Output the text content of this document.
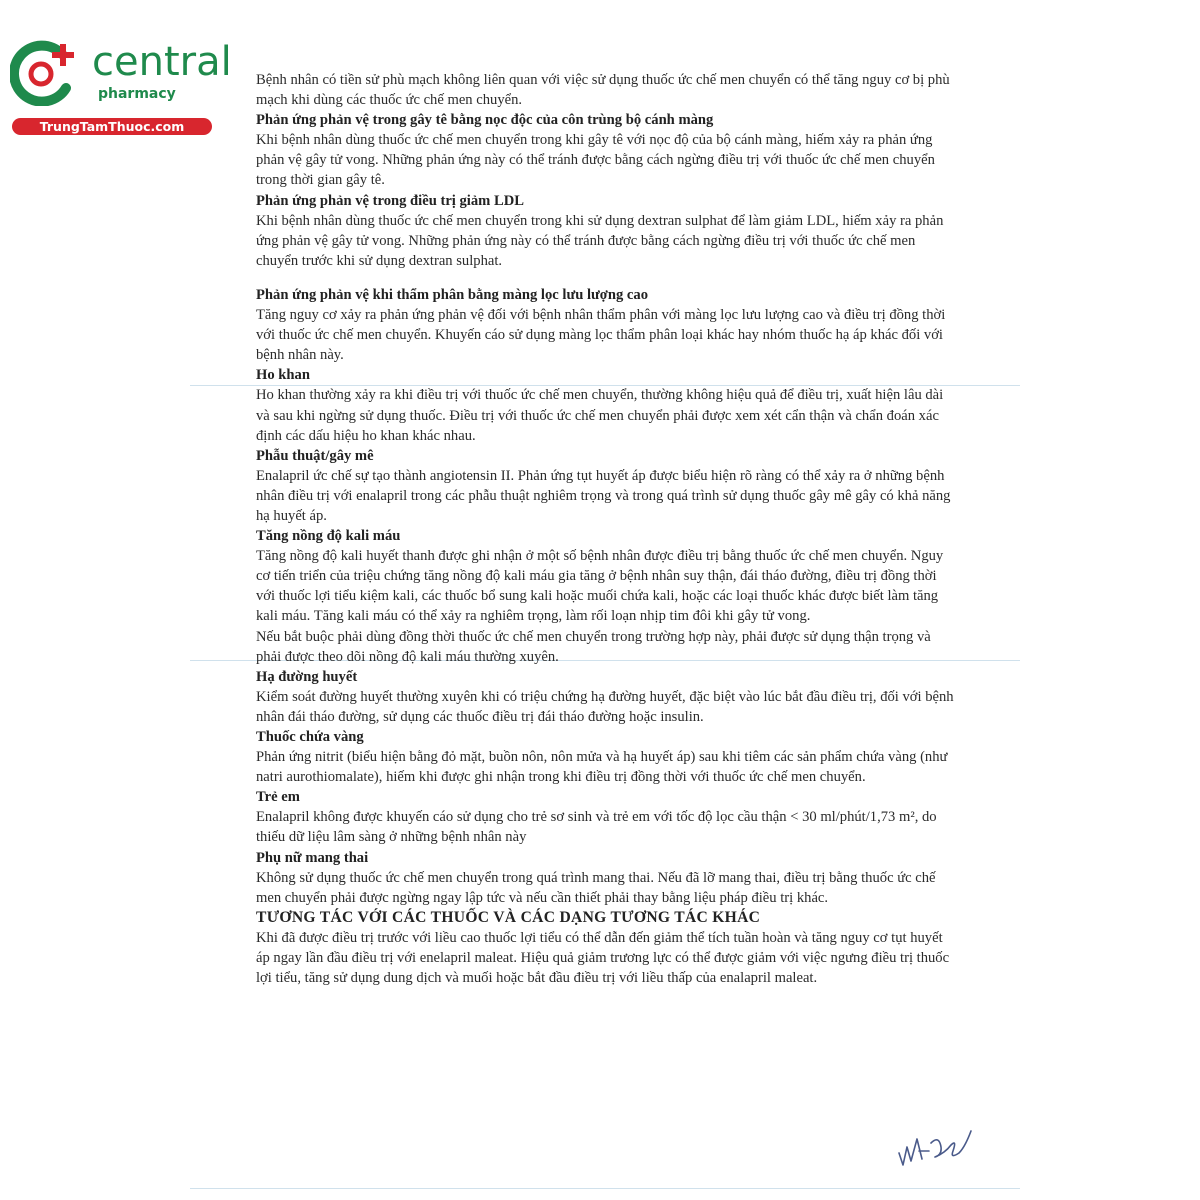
central
pharmacy
TrungTamThuoc.com

Bệnh nhân có tiền sử phù mạch không liên quan với việc sử dụng thuốc ức chế men chuyển có thể tăng nguy cơ bị phù mạch khi dùng các thuốc ức chế men chuyển.

Phản ứng phản vệ trong gây tê bằng nọc độc của côn trùng bộ cánh màng

Khi bệnh nhân dùng thuốc ức chế men chuyển trong khi gây tê với nọc độ của bộ cánh màng, hiếm xảy ra phản ứng phản vệ gây tử vong. Những phản ứng này có thể tránh được bằng cách ngừng điều trị với thuốc ức chế men chuyển trong thời gian gây tê.

Phản ứng phản vệ trong điều trị giảm LDL

Khi bệnh nhân dùng thuốc ức chế men chuyển trong khi sử dụng dextran sulphat để làm giảm LDL, hiếm xảy ra phản ứng phản vệ gây tử vong. Những phản ứng này có thể tránh được bằng cách ngừng điều trị với thuốc ức chế men chuyển trước khi sử dụng dextran sulphat.

Phản ứng phản vệ khi thẩm phân bằng màng lọc lưu lượng cao

Tăng nguy cơ xảy ra phản ứng phản vệ đối với bệnh nhân thẩm phân với màng lọc lưu lượng cao và điều trị đồng thời với thuốc ức chế men chuyển. Khuyến cáo sử dụng màng lọc thẩm phân loại khác hay nhóm thuốc hạ áp khác đối với bệnh nhân này.

Ho khan

Ho khan thường xảy ra khi điều trị với thuốc ức chế men chuyển, thường không hiệu quả để điều trị, xuất hiện lâu dài và sau khi ngừng sử dụng thuốc. Điều trị với thuốc ức chế men chuyển phải được xem xét cẩn thận và chẩn đoán xác định các dấu hiệu ho khan khác nhau.

Phẫu thuật/gây mê

Enalapril ức chế sự tạo thành angiotensin II. Phản ứng tụt huyết áp được biểu hiện rõ ràng có thể xảy ra ở những bệnh nhân điều trị với enalapril trong các phẫu thuật nghiêm trọng và trong quá trình sử dụng thuốc gây mê gây có khả năng hạ huyết áp.

Tăng nồng độ kali máu

Tăng nồng độ kali huyết thanh được ghi nhận ở một số bệnh nhân được điều trị bằng thuốc ức chế men chuyển. Nguy cơ tiến triển của triệu chứng tăng nồng độ kali máu gia tăng ở bệnh nhân suy thận, đái tháo đường, điều trị đồng thời với thuốc lợi tiểu kiệm kali, các thuốc bổ sung kali hoặc muối chứa kali, hoặc các loại thuốc khác được biết làm tăng kali máu. Tăng kali máu có thể xảy ra nghiêm trọng, làm rối loạn nhịp tim đôi khi gây tử vong.

Nếu bắt buộc phải dùng đồng thời thuốc ức chế men chuyển trong trường hợp này, phải được sử dụng thận trọng và phải được theo dõi nồng độ kali máu thường xuyên.

Hạ đường huyết

Kiểm soát đường huyết thường xuyên khi có triệu chứng hạ đường huyết, đặc biệt vào lúc bắt đầu điều trị, đối với bệnh nhân đái tháo đường, sử dụng các thuốc điều trị đái tháo đường hoặc insulin.

Thuốc chứa vàng

Phản ứng nitrit (biểu hiện bằng đỏ mặt, buồn nôn, nôn mửa và hạ huyết áp) sau khi tiêm các sản phẩm chứa vàng (như natri aurothiomalate), hiếm khi được ghi nhận trong khi điều trị đồng thời với thuốc ức chế men chuyển.

Trẻ em

Enalapril không được khuyến cáo sử dụng cho trẻ sơ sinh và trẻ em với tốc độ lọc cầu thận < 30 ml/phút/1,73 m², do thiếu dữ liệu lâm sàng ở những bệnh nhân này

Phụ nữ mang thai

Không sử dụng thuốc ức chế men chuyển trong quá trình mang thai. Nếu đã lỡ mang thai, điều trị bằng thuốc ức chế men chuyển phải được ngừng ngay lập tức và nếu cần thiết phải thay bằng liệu pháp điều trị khác.

TƯƠNG TÁC VỚI CÁC THUỐC VÀ CÁC DẠNG TƯƠNG TÁC KHÁC

Khi đã được điều trị trước với liều cao thuốc lợi tiểu có thể dẫn đến giảm thể tích tuần hoàn và tăng nguy cơ tụt huyết áp ngay lần đầu điều trị với enelapril maleat. Hiệu quả giảm trương lực có thể được giảm với việc ngưng điều trị thuốc lợi tiểu, tăng sử dụng dung dịch và muối hoặc bắt đầu điều trị với liều thấp của enalapril maleat.
